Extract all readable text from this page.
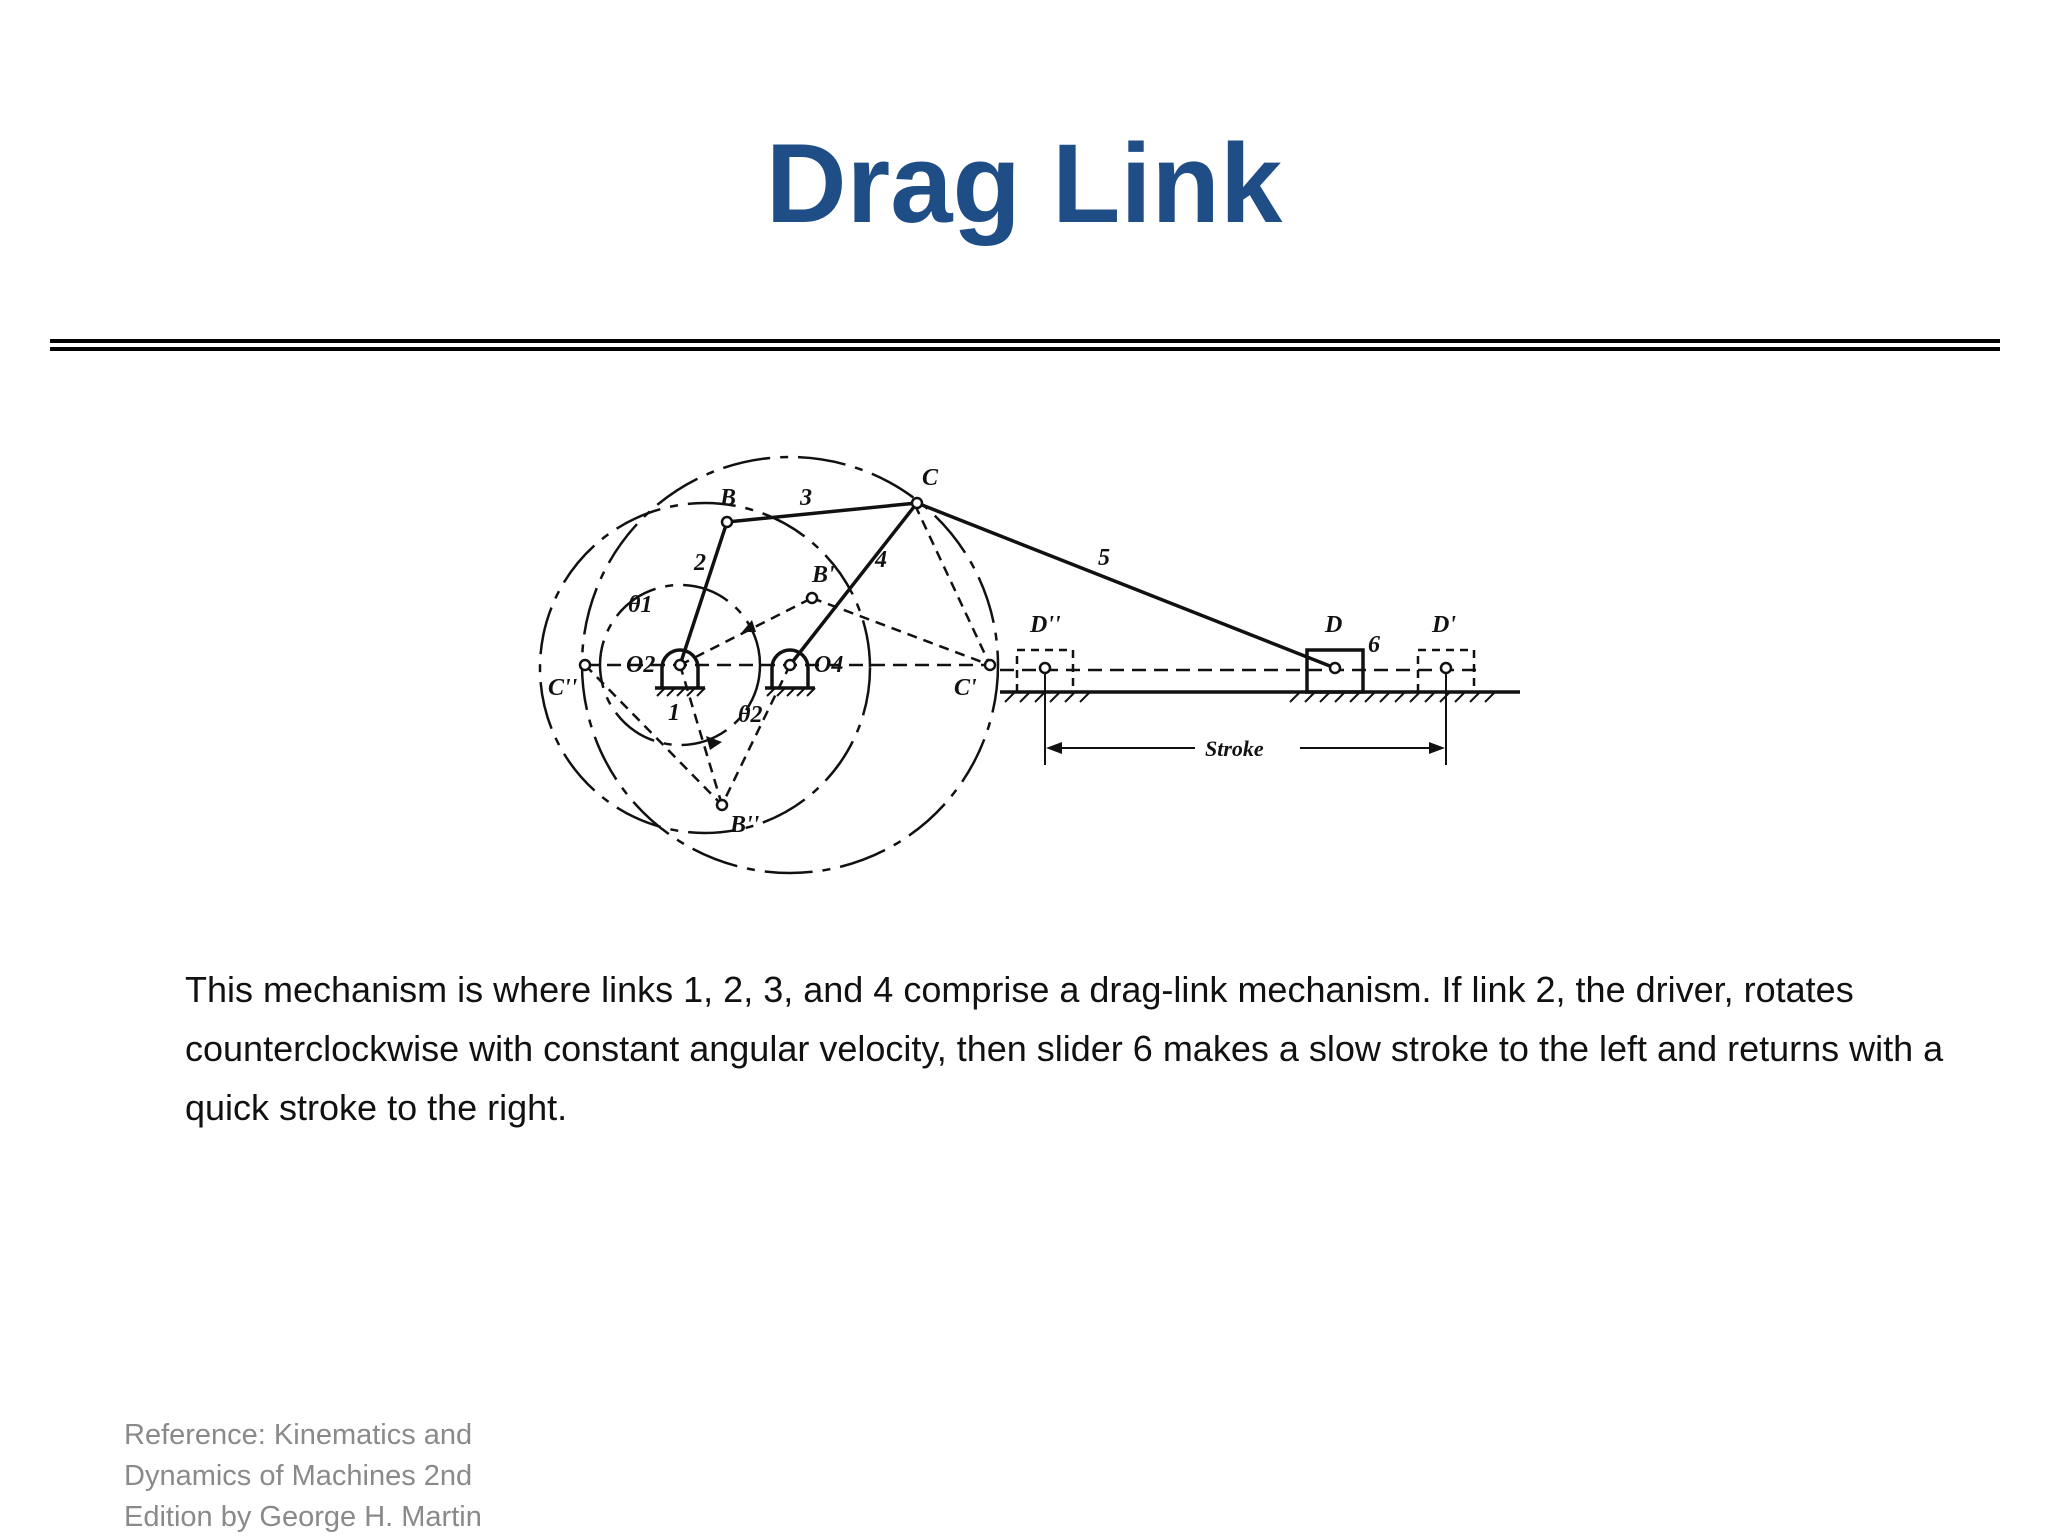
Drag Link
B
C
3
2	4	5
B'
θ1
O2	O4
C''	C'
1 θ2
B''
D''	D
6
D'
Stroke
This mechanism is where links 1, 2, 3, and 4 comprise a drag-link mechanism. If link 2, the driver, rotates counterclockwise with constant angular velocity, then slider 6 makes a slow stroke to the left and returns with a quick stroke to the right.
Reference: Kinematics and Dynamics of Machines 2nd Edition by George H. Martin
